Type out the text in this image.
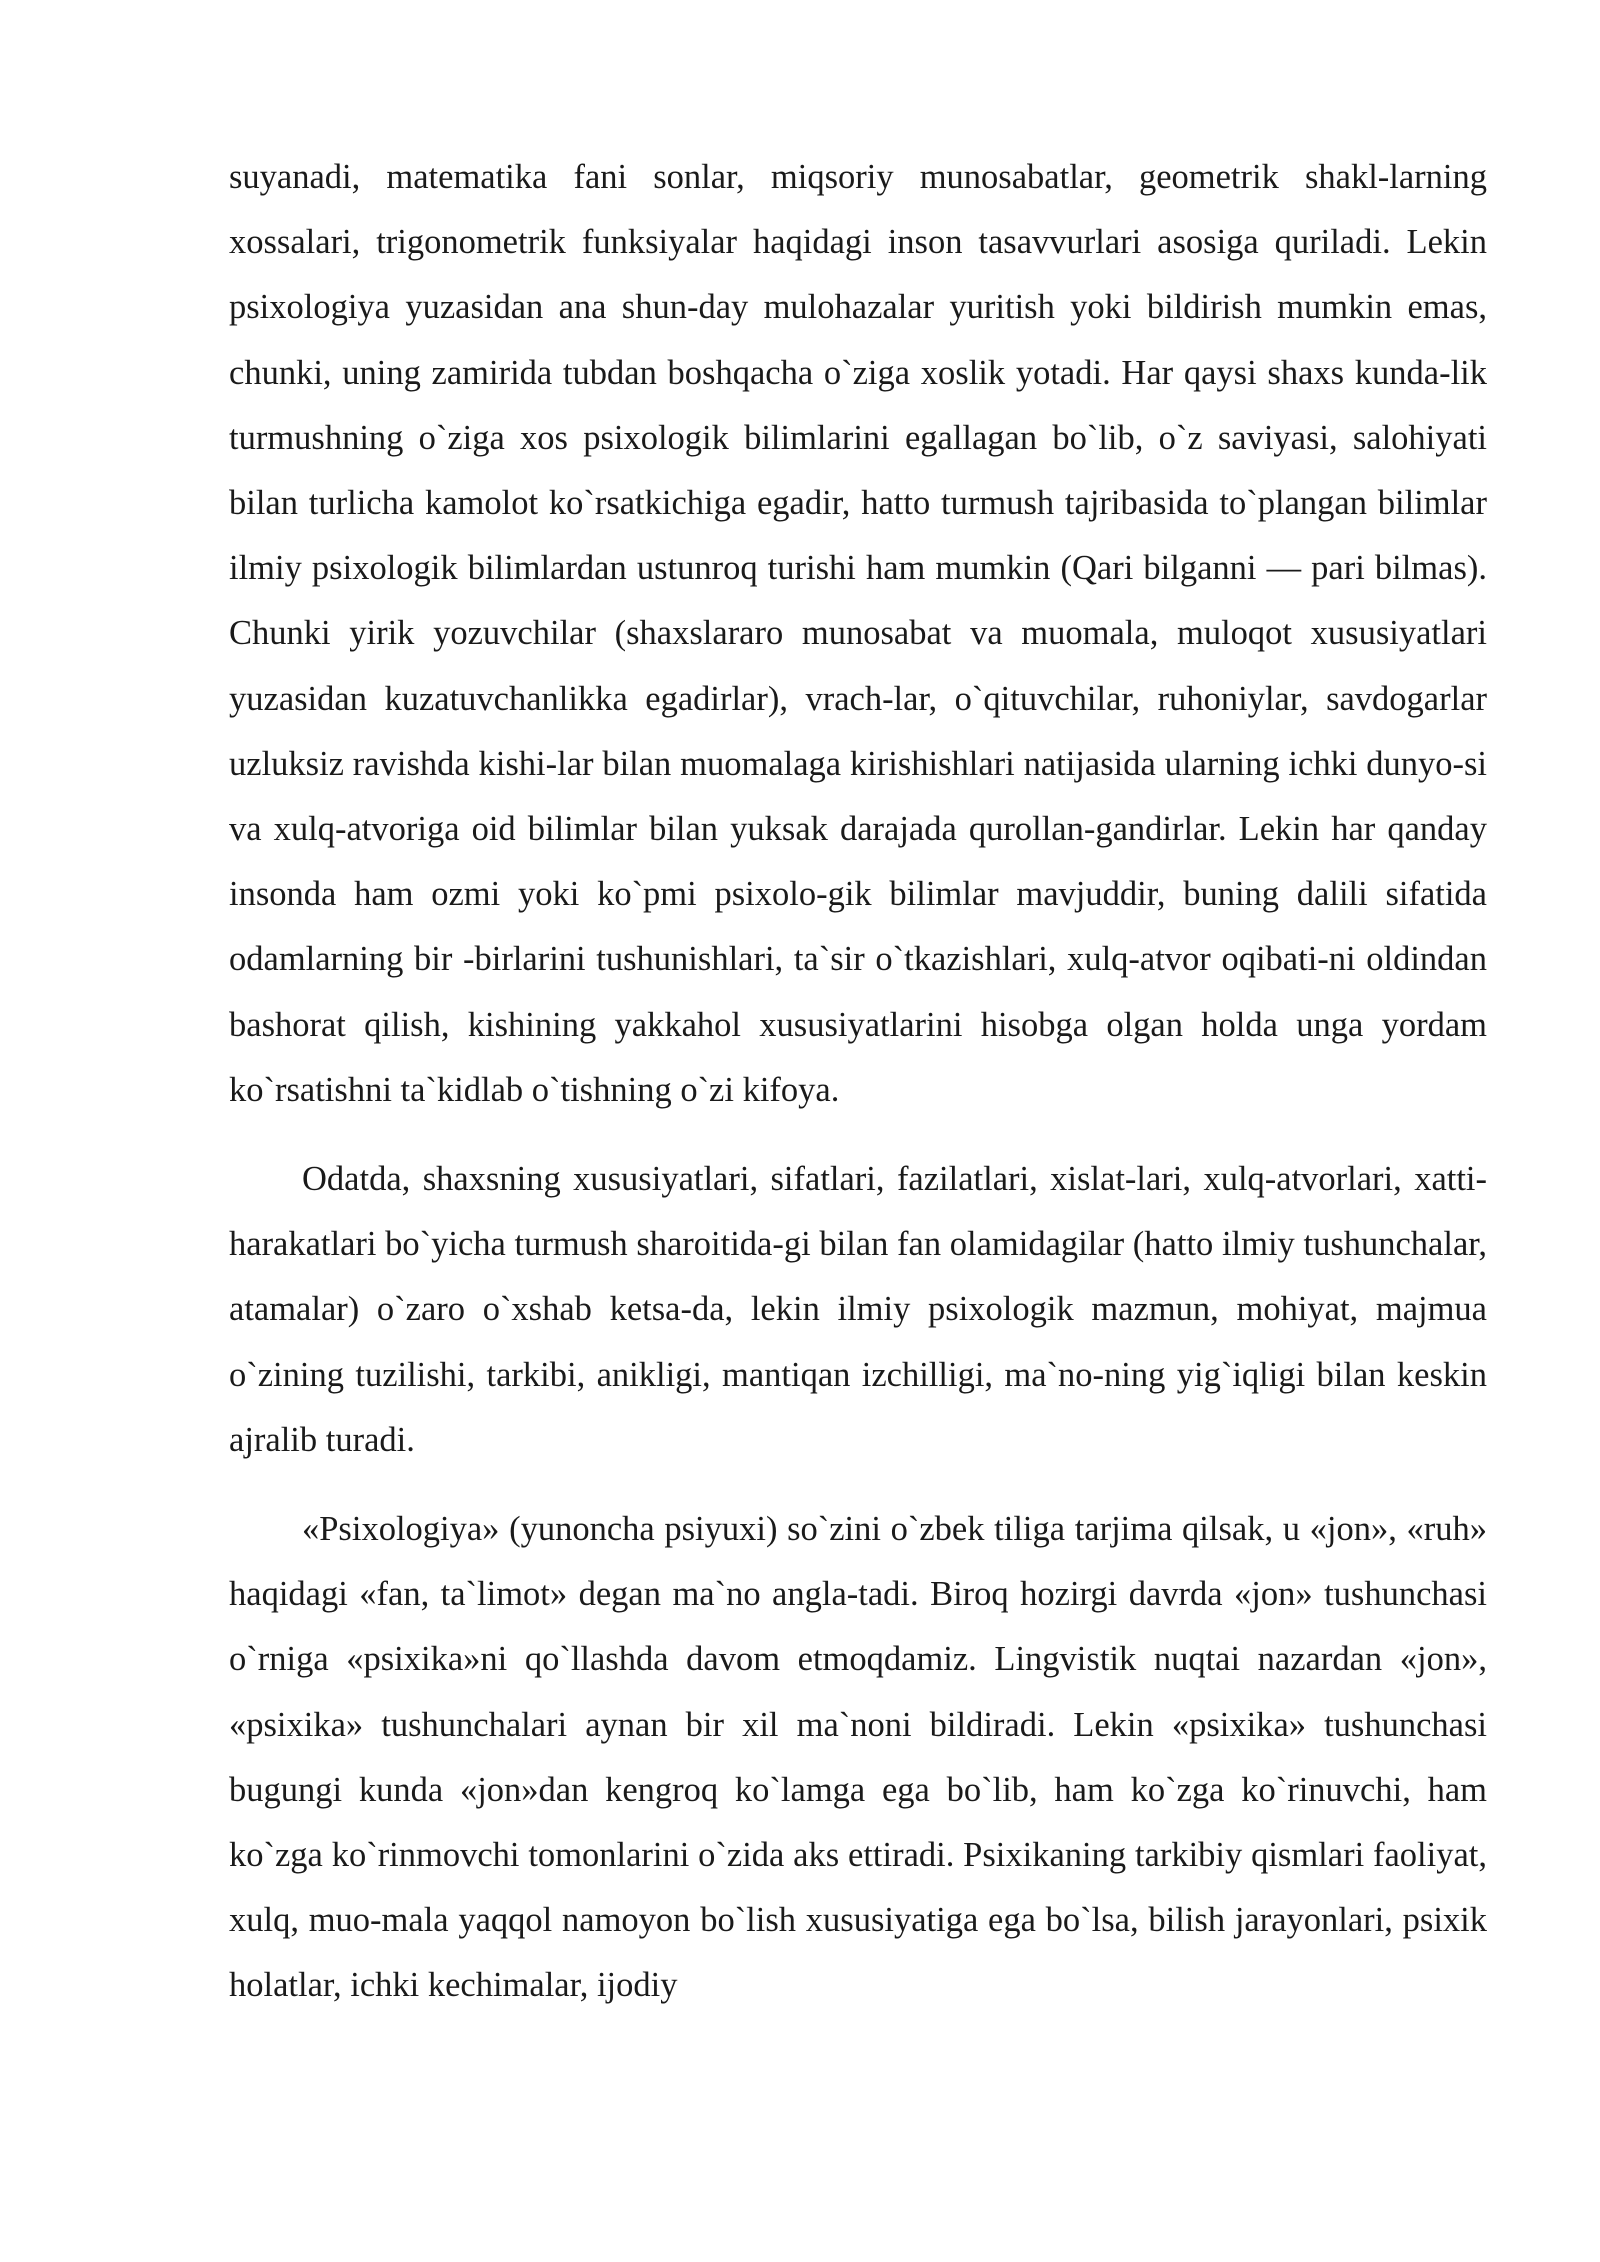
suyanadi, matematika fani sonlar, miqsoriy munosabatlar, geometrik shakl-larning xossalari, trigonometrik funksiyalar haqidagi inson tasavvurlari asosiga quriladi. Lekin psixologiya yuzasidan ana shun-day mulohazalar yuritish yoki bildirish mumkin emas, chunki, uning zamirida tubdan boshqacha o`ziga xoslik yotadi. Har qaysi shaxs kunda-lik turmushning o`ziga xos psixologik bilimlarini egallagan bo`lib, o`z saviyasi, salohiyati bilan turlicha kamolot ko`rsatkichiga egadir, hatto turmush tajribasida to`plangan bilimlar ilmiy psixologik bilimlardan ustunroq turishi ham mumkin (Qari bilganni — pari bilmas). Chunki yirik yozuvchilar (shaxslararo munosabat va muomala, muloqot xususiyatlari yuzasidan kuzatuvchanlikka egadirlar), vrach-lar, o`qituvchilar, ruhoniylar, savdogarlar uzluksiz ravishda kishi-lar bilan muomalaga kirishishlari natijasida ularning ichki dunyo-si va xulq-atvoriga oid bilimlar bilan yuksak darajada qurollan-gandirlar. Lekin har qanday insonda ham ozmi yoki ko`pmi psixolo-gik bilimlar mavjuddir, buning dalili sifatida odamlarning bir -birlarini tushunishlari, ta`sir o`tkazishlari, xulq-atvor oqibati-ni oldindan bashorat qilish, kishining yakkahol xususiyatlarini hisobga olgan holda unga yordam ko`rsatishni ta`kidlab o`tishning o`zi kifoya.

Odatda, shaxsning xususiyatlari, sifatlari, fazilatlari, xislat-lari, xulq-atvorlari, xatti-harakatlari bo`yicha turmush sharoitida-gi bilan fan olamidagilar (hatto ilmiy tushunchalar, atamalar) o`zaro o`xshab ketsa-da, lekin ilmiy psixologik mazmun, mohiyat, majmua o`zining tuzilishi, tarkibi, anikligi, mantiqan izchilligi, ma`no-ning yig`iqligi bilan keskin ajralib turadi.

«Psixologiya» (yunoncha psiyuxi) so`zini o`zbek tiliga tarjima qilsak, u «jon», «ruh» haqidagi «fan, ta`limot» degan ma`no angla-tadi. Biroq hozirgi davrda «jon» tushunchasi o`rniga «psixika»ni qo`llashda davom etmoqdamiz. Lingvistik nuqtai nazardan «jon», «psixika» tushunchalari aynan bir xil ma`noni bildiradi. Lekin «psixika» tushunchasi bugungi kunda «jon»dan kengroq ko`lamga ega bo`lib, ham ko`zga ko`rinuvchi, ham ko`zga ko`rinmovchi tomonlarini o`zida aks ettiradi. Psixikaning tarkibiy qismlari faoliyat, xulq, muo-mala yaqqol namoyon bo`lish xususiyatiga ega bo`lsa, bilish jarayonlari, psixik holatlar, ichki kechimalar, ijodiy
